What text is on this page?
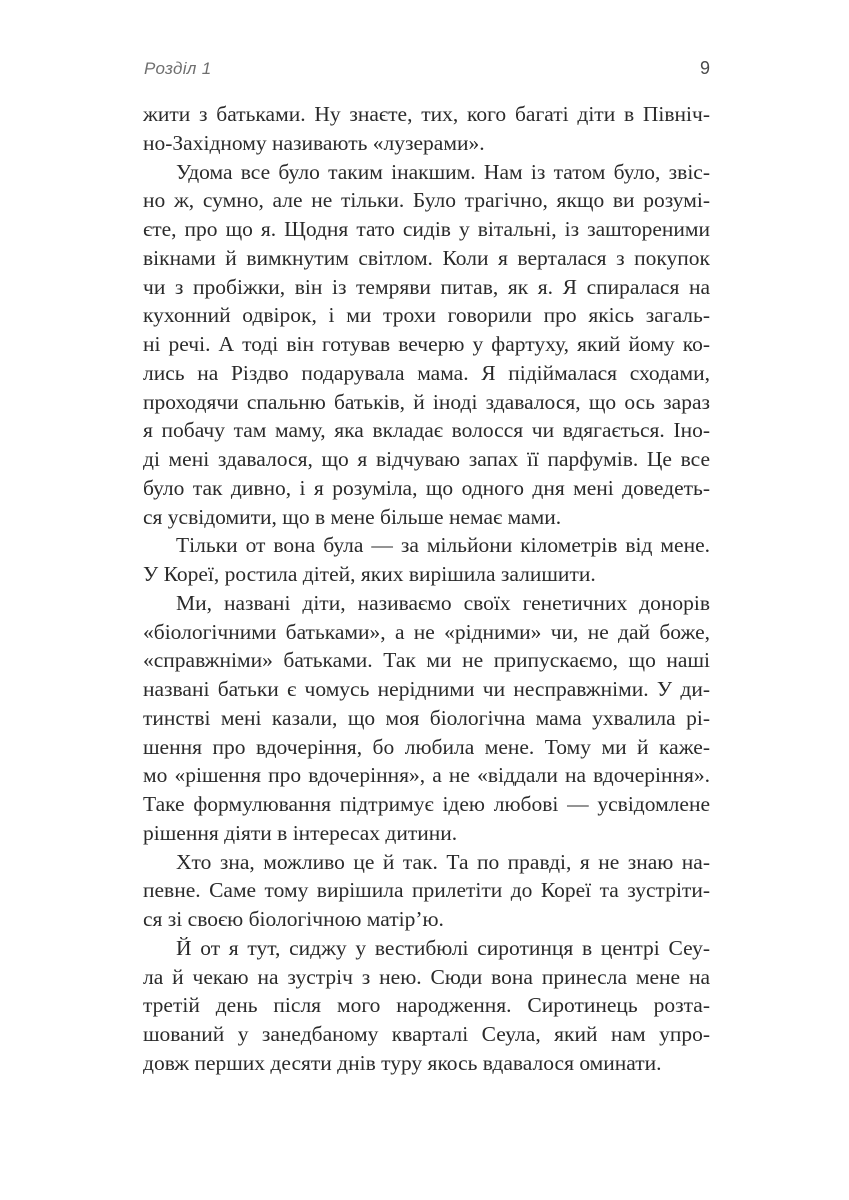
Розділ 1	9
жити з батьками. Ну знаєте, тих, кого багаті діти в Північ-
но-Західному називають «лузерами».
Удома все було таким інакшим. Нам із татом було, звіс-
но ж, сумно, але не тільки. Було трагічно, якщо ви розумі-
єте, про що я. Щодня тато сидів у вітальні, із заштореними
вікнами й вимкнутим світлом. Коли я верталася з покупок
чи з пробіжки, він із темряви питав, як я. Я спиралася на
кухонний одвірок, і ми трохи говорили про якісь загаль-
ні речі. А тоді він готував вечерю у фартуху, який йому ко-
лись на Різдво подарувала мама. Я підіймалася сходами,
проходячи спальню батьків, й іноді здавалося, що ось зараз
я побачу там маму, яка вкладає волосся чи вдягається. Іно-
ді мені здавалося, що я відчуваю запах її парфумів. Це все
було так дивно, і я розуміла, що одного дня мені доведеть-
ся усвідомити, що в мене більше немає мами.
Тільки от вона була — за мільйони кілометрів від мене.
У Кореї, ростила дітей, яких вирішила залишити.
Ми, названі діти, називаємо своїх генетичних донорів
«біологічними батьками», а не «рідними» чи, не дай боже,
«справжніми» батьками. Так ми не припускаємо, що наші
названі батьки є чомусь нерідними чи несправжніми. У ди-
тинстві мені казали, що моя біологічна мама ухвалила рі-
шення про вдочеріння, бо любила мене. Тому ми й каже-
мо «рішення про вдочеріння», а не «віддали на вдочеріння».
Таке формулювання підтримує ідею любові — усвідомлене
рішення діяти в інтересах дитини.
Хто зна, можливо це й так. Та по правді, я не знаю на-
певне. Саме тому вирішила прилетіти до Кореї та зустріти-
ся зі своєю біологічною матір’ю.
Й от я тут, сиджу у вестибюлі сиротинця в центрі Сеу-
ла й чекаю на зустріч з нею. Сюди вона принесла мене на
третій день після мого народження. Сиротинець розта-
шований у занедбаному кварталі Сеула, який нам упро-
довж перших десяти днів туру якось вдавалося оминати.
